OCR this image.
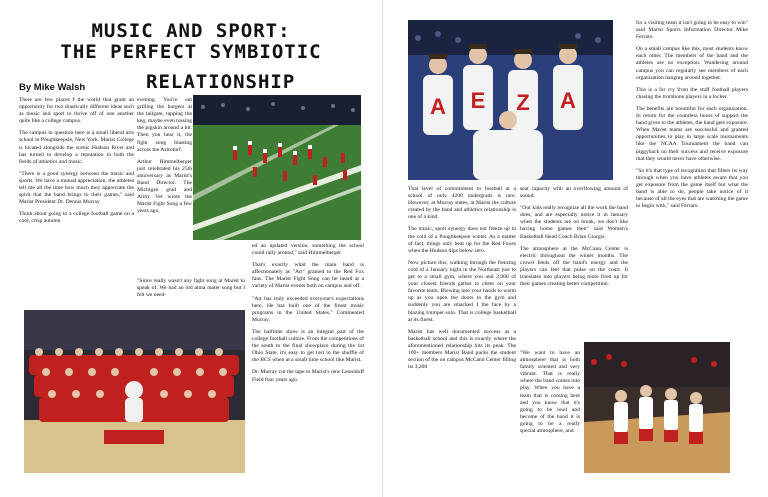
MUSIC AND SPORT:
THE PERFECT SYMBIOTIC
RELATIONSHIP
By Mike Walsh

There are few places I the world that grant an opportunity for two drastically different ideas such as music and sport to thrive off of one another quite like a college campus.

The campus in question here is a small liberal arts school in Poughkeepsie, New York. Marist College is located alongside the scenic Hudson River and has turned to develop a reputation in both the fields of athletics and music.

"There is a good synergy between the music and sports. We have a mutual appreciation, the athletes tell me all the time how much they appreciate the spirit that the band brings to their games," said Marist President Dr. Dennis Murray.

Think about going to a college football game on a cool, crisp autumn

evening. You're out grilling the burgers at the tailgate, tapping the keg, maybe even tossing the pigskin around a bit. Then you hear it, the fight song blasting across the Astroturf.

Arthur Himmelberger just celebrated his 25th anniversary as Marist's Band Director. The Michigan grad and Army Vet wrote the Marist Fight Song a few years ago.

"Since really wasn't any fight song at Marist to speak of. We had an old alma mater song but I felt we need-

ed an updated version, something the school could rally around," said Himmelberger.

That's exactly what the main band is affectionately as "Art" granted to the Red Fox fans. The Marist Fight Song can be heard at a variety of Marist events both on campus and off.

"Art has truly exceeded everyone's expectations here. He has built one of the finest music programs in the United States," Commented Murray.

The halftime show is an integral part of the college football culture. From the competitions of the south to the final showplace during the 1st Ohio State, it's easy to get lost in the shuffle of the BCS when at a small time school like Marist.

Dr. Murray cut the tape to Marist's new Leonidoff Field four years ago.

A E Z A

That level of commitment to football at a school of only 4200 undergrads is rare. However, at Murray states, at Marist the culture created by the band and athletics relationship is one of a kind.

The music, sport synergy does not freeze up in the cold of a Poughkeepsie winter. As a matter of fact, things only heat up for the Red Foxes when the Hudson dips below zero.

Now picture this; walking through the freezing cold of a January night in the Northeast just to get to a small gym, where you and 3,000 of your closest friends gather to cheer on your favorite team. Blowing into your hands to warm up as you open the doors to the gym and suddenly you are smacked I the face by a blazing trumpet solo. That is college basketball at its finest.

Marist has well documented success as a basketball school and this is exactly where the aforementioned relationship hits its peak. The 100+ members Marist Band packs the student section of the on campus McCann Center filling its 3,200

seat capacity with an overflowing amount of sound.

"Our kids really recognize all the work the band does, and are especially notice it in January when the students are on break, we don't like having home games then" said Women's Basketball Head Coach Brian Giorgis.

The atmosphere at the McCann Center is electric throughout the winter months. The crowd feeds off the band's energy and the players can feel that pulse on the court. It translates into players being more fired up for their games creating better competition.

"We want to have an atmosphere that is both family oriented and very vibrant. That is really where the band comes into play. When you have a team that is coming here and you know that it's going to be loud and become of the band it is going to be a really special atmosphere, and

for a visiting team it isn't going to be easy to win" said Marist Sports Information Director Mike Ferraro.

On a small campus like this, most students know each other. The members of the band and the athletes are no exception. Wandering around campus you can regularly see members of each organization hanging around together.

This is a far cry from the stuff football players chasing the trombone players in a locker.

The benefits are bountiful for each organization. In return for the countless hours of support the band gives to the athletes, the band gets exposure. When Marist teams are successful and granted opportunities to play in large scale tournaments like the NCAA Tournament the band can piggyback on their success and receive exposure that they would never have otherwise.

"So it's that type of recognition that filters its way through when you have athletes aware that you get exposure from the game itself but what the band is able to do, people take notice of it because of all the eyes that are watching the game to begin with," said Ferraro.
